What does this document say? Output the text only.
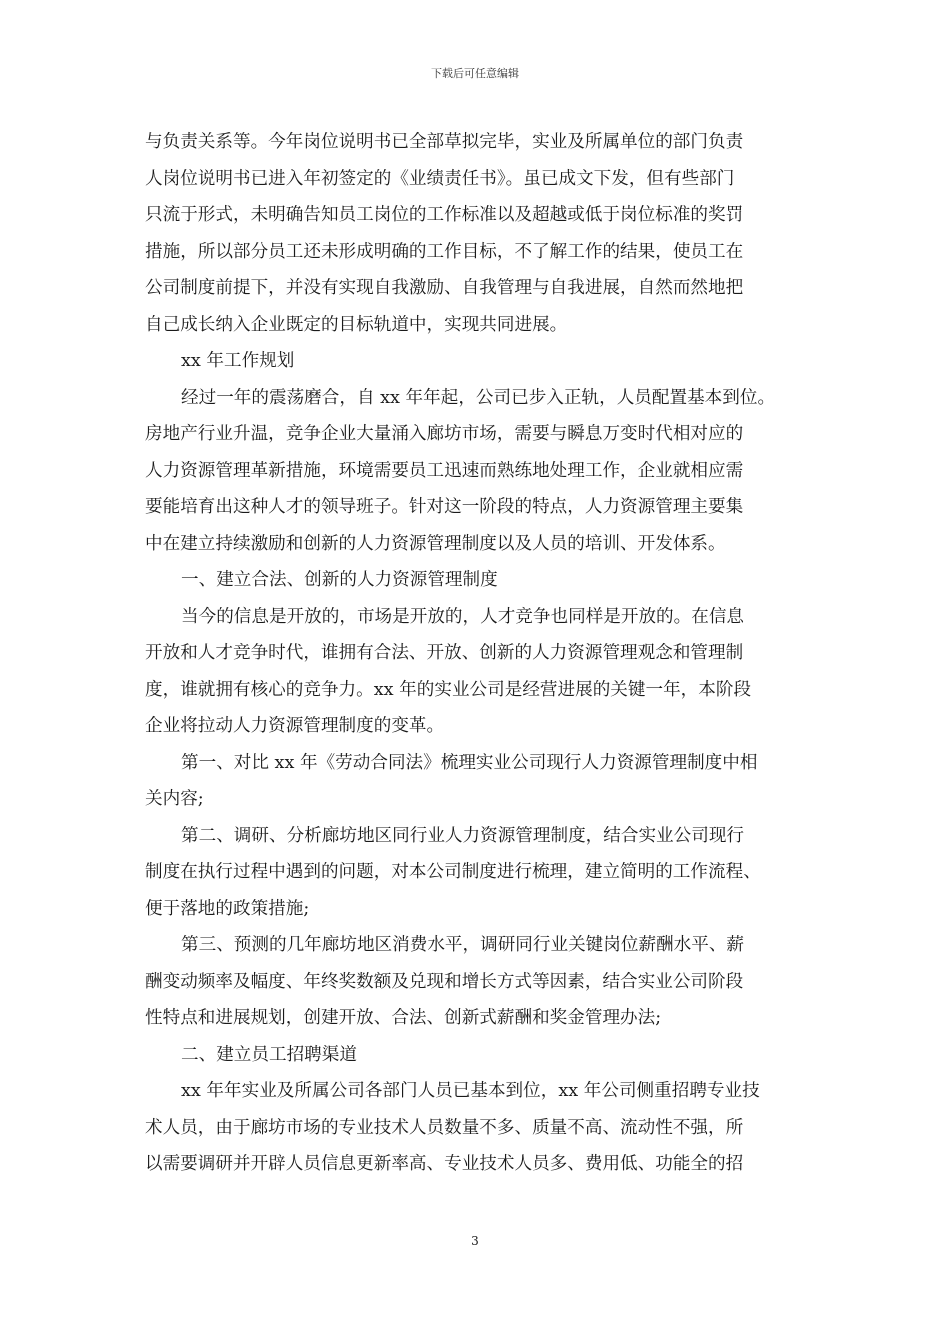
下载后可任意编辑
与负责关系等。今年岗位说明书已全部草拟完毕，实业及所属单位的部门负责
人岗位说明书已进入年初签定的《业绩责任书》。虽已成文下发，但有些部门
只流于形式，未明确告知员工岗位的工作标准以及超越或低于岗位标准的奖罚
措施，所以部分员工还未形成明确的工作目标，不了解工作的结果，使员工在
公司制度前提下，并没有实现自我激励、自我管理与自我进展，自然而然地把
自己成长纳入企业既定的目标轨道中，实现共同进展。
xx 年工作规划
经过一年的震荡磨合，自 xx 年年起，公司已步入正轨，人员配置基本到位。
房地产行业升温，竞争企业大量涌入廊坊市场，需要与瞬息万变时代相对应的
人力资源管理革新措施，环境需要员工迅速而熟练地处理工作，企业就相应需
要能培育出这种人才的领导班子。针对这一阶段的特点，人力资源管理主要集
中在建立持续激励和创新的人力资源管理制度以及人员的培训、开发体系。
一、建立合法、创新的人力资源管理制度
当今的信息是开放的，市场是开放的，人才竞争也同样是开放的。在信息
开放和人才竞争时代，谁拥有合法、开放、创新的人力资源管理观念和管理制
度，谁就拥有核心的竞争力。xx 年的实业公司是经营进展的关键一年，本阶段
企业将拉动人力资源管理制度的变革。
第一、对比 xx 年《劳动合同法》梳理实业公司现行人力资源管理制度中相
关内容;
第二、调研、分析廊坊地区同行业人力资源管理制度，结合实业公司现行
制度在执行过程中遇到的问题，对本公司制度进行梳理，建立简明的工作流程、
便于落地的政策措施;
第三、预测的几年廊坊地区消费水平，调研同行业关键岗位薪酬水平、薪
酬变动频率及幅度、年终奖数额及兑现和增长方式等因素，结合实业公司阶段
性特点和进展规划，创建开放、合法、创新式薪酬和奖金管理办法;
二、建立员工招聘渠道
xx 年年实业及所属公司各部门人员已基本到位，xx 年公司侧重招聘专业技
术人员，由于廊坊市场的专业技术人员数量不多、质量不高、流动性不强，所
以需要调研并开辟人员信息更新率高、专业技术人员多、费用低、功能全的招
3
